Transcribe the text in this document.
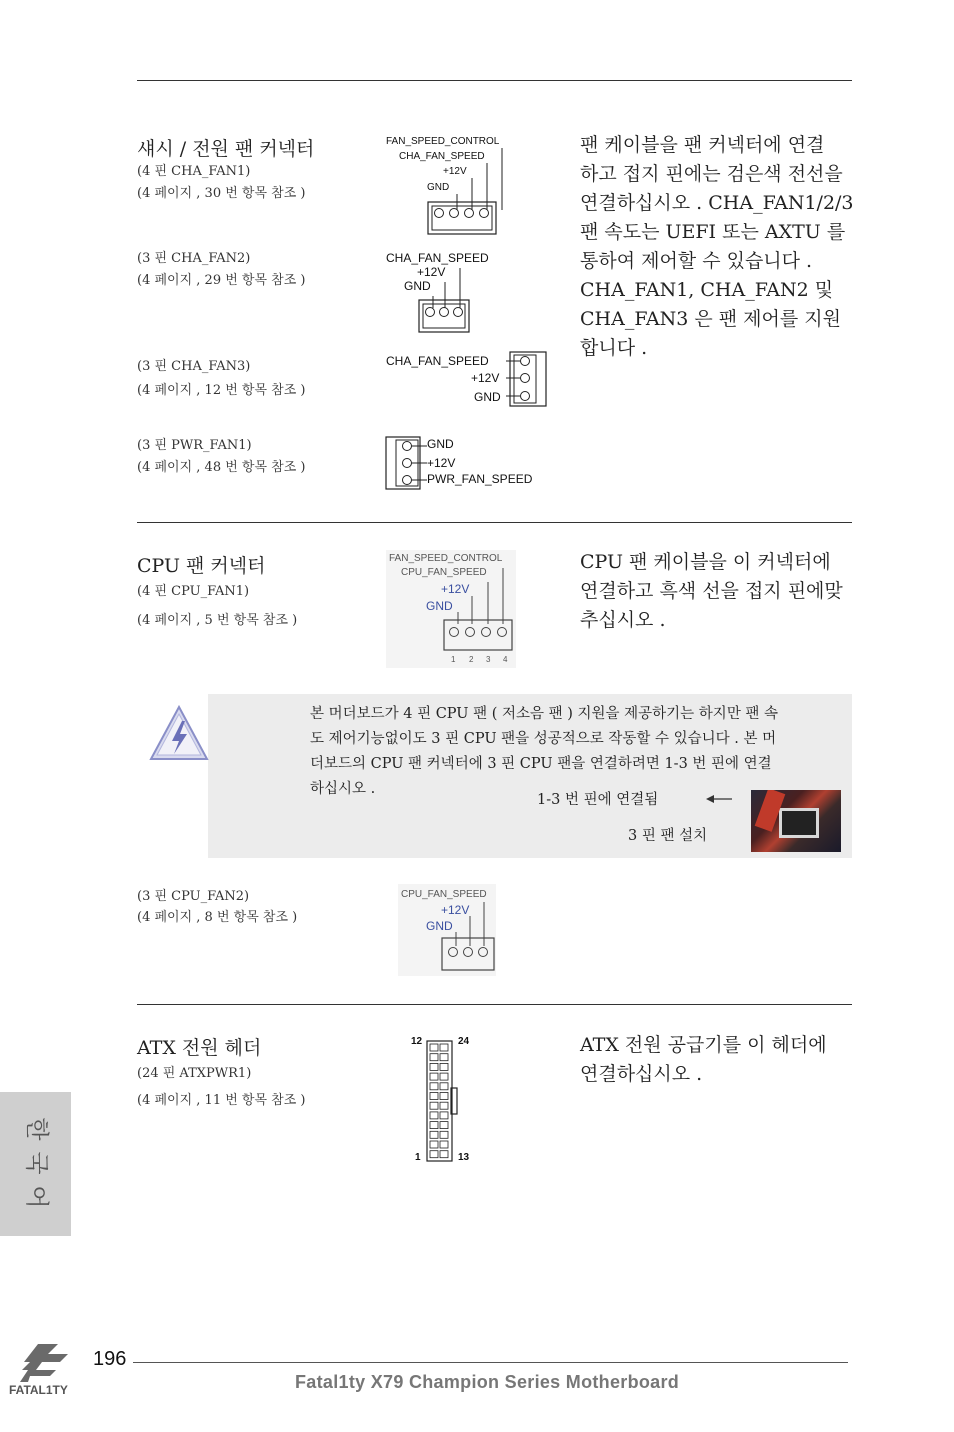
섀시 / 전원 팬 커넥터
(4 핀 CHA_FAN1)
(4 페이지 , 30 번 항목 참조 )
(3 핀 CHA_FAN2)
(4 페이지 , 29 번 항목 참조 )
(3 핀 CHA_FAN3)
(4 페이지 , 12 번 항목 참조 )
(3 핀 PWR_FAN1)
(4 페이지 , 48 번 항목 참조 )
FAN_SPEED_CONTROL
CHA_FAN_SPEED
+12V
GND
CHA_FAN_SPEED
+12V
GND
CHA_FAN_SPEED
+12V
GND
GND
+12V
PWR_FAN_SPEED
팬 케이블을 팬 커넥터에 연결
하고 접지 핀에는 검은색 전선을
연결하십시오 . CHA_FAN1/2/3
팬 속도는 UEFI 또는 AXTU 를
통하여 제어할 수 있습니다 .
CHA_FAN1, CHA_FAN2 및
CHA_FAN3 은 팬 제어를 지원
합니다 .
CPU 팬 커넥터
(4 핀 CPU_FAN1)
(4 페이지 , 5 번 항목 참조 )
FAN_SPEED_CONTROL
CPU_FAN_SPEED
+12V
GND
1 2 3 4
CPU 팬 케이블을 이 커넥터에
연결하고 흑색 선을 접지 핀에맞
추십시오 .
본 머더보드가 4 핀 CPU 팬 ( 저소음 팬 ) 지원을 제공하기는 하지만 팬 속
도 제어기능없이도 3 핀 CPU 팬을 성공적으로 작동할 수 있습니다 . 본 머
더보드의 CPU 팬 커넥터에 3 핀 CPU 팬을 연결하려면 1-3 번 핀에 연결
하십시오 .
1-3 번 핀에 연결됨
3 핀 팬 설치
(3 핀 CPU_FAN2)
(4 페이지 , 8 번 항목 참조 )
CPU_FAN_SPEED
+12V
GND
ATX 전원 헤더
(24 핀 ATXPWR1)
(4 페이지 , 11 번 항목 참조 )
12	24
1	13
ATX 전원 공급기를 이 헤더에
연결하십시오 .
한
국
어
FATAL1TY
196
Fatal1ty X79 Champion Series Motherboard
